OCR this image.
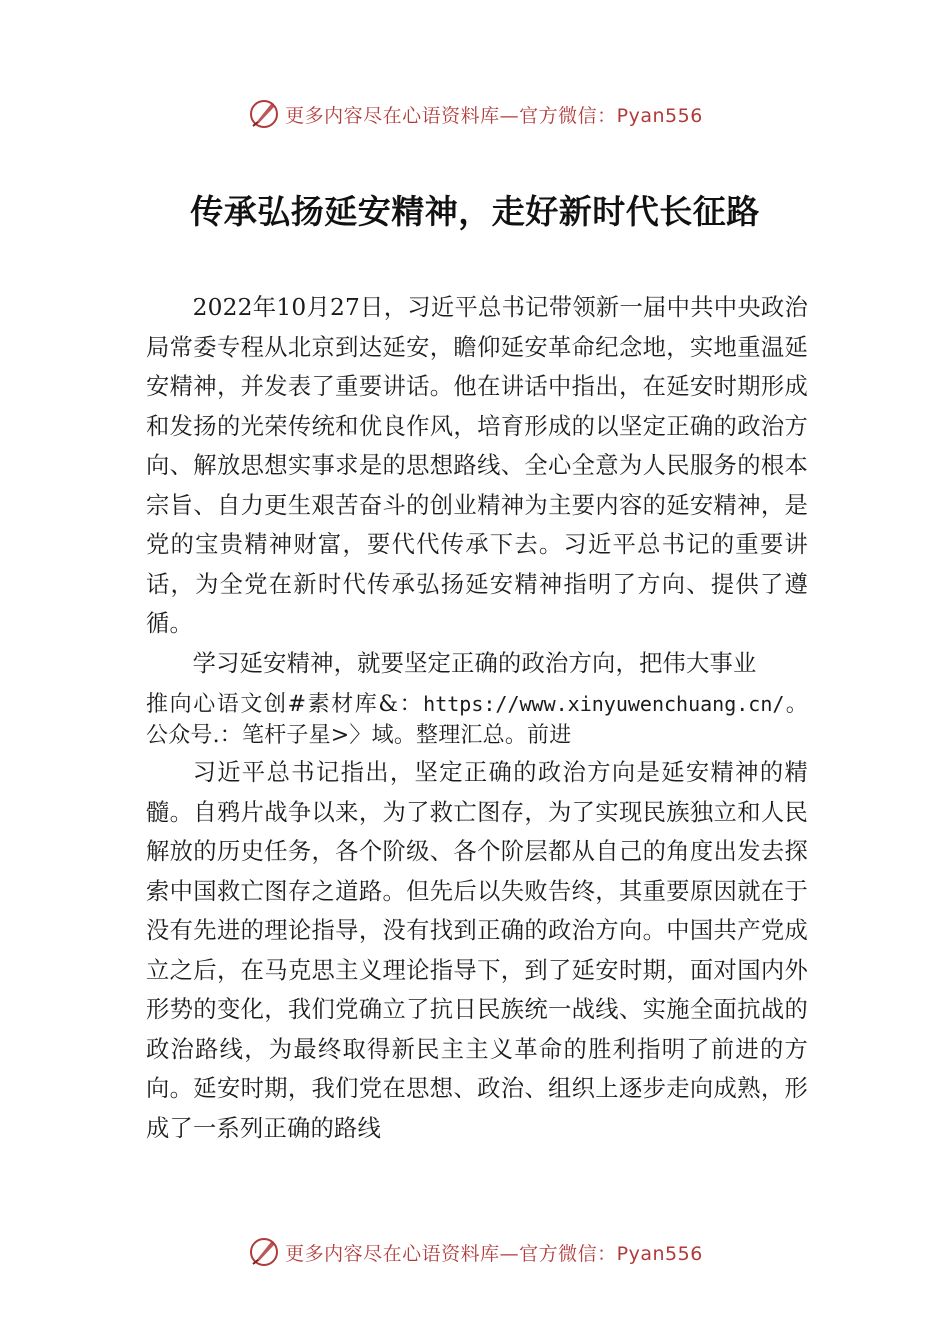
更多内容尽在心语资料库—官方微信：Pyan556
传承弘扬延安精神，走好新时代长征路

2022年10月27日，习近平总书记带领新一届中共中央政治局常委专程从北京到达延安，瞻仰延安革命纪念地，实地重温延安精神，并发表了重要讲话。他在讲话中指出，在延安时期形成和发扬的光荣传统和优良作风，培育形成的以坚定正确的政治方向、解放思想实事求是的思想路线、全心全意为人民服务的根本宗旨、自力更生艰苦奋斗的创业精神为主要内容的延安精神，是党的宝贵精神财富，要代代传承下去。习近平总书记的重要讲话，为全党在新时代传承弘扬延安精神指明了方向、提供了遵循。

学习延安精神，就要坚定正确的政治方向，把伟大事业

推向心语文创#素材库&：https://www.xinyuwenchuang.cn/。公众号.：笔杆子星>〉域。整理汇总。前进

习近平总书记指出，坚定正确的政治方向是延安精神的精髓。自鸦片战争以来，为了救亡图存，为了实现民族独立和人民解放的历史任务，各个阶级、各个阶层都从自己的角度出发去探索中国救亡图存之道路。但先后以失败告终，其重要原因就在于没有先进的理论指导，没有找到正确的政治方向。中国共产党成立之后，在马克思主义理论指导下，到了延安时期，面对国内外形势的变化，我们党确立了抗日民族统一战线、实施全面抗战的政治路线，为最终取得新民主主义革命的胜利指明了前进的方向。延安时期，我们党在思想、政治、组织上逐步走向成熟，形成了一系列正确的路线

更多内容尽在心语资料库—官方微信：Pyan556
